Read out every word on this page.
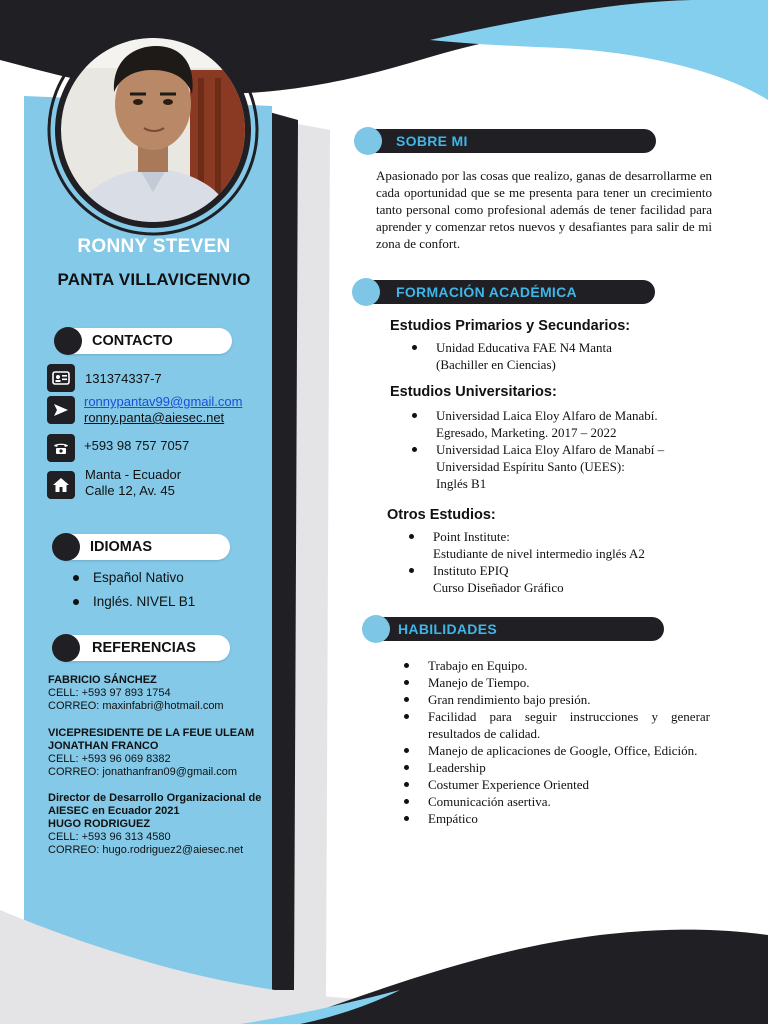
RONNY STEVEN
PANTA VILLAVICENVIO
CONTACTO
131374337-7
ronnypantav99@gmail.com
ronny.panta@aiesec.net
+593 98 757 7057
Manta - Ecuador
Calle 12, Av. 45
IDIOMAS
Español Nativo
Inglés. NIVEL B1
REFERENCIAS
FABRICIO SÁNCHEZ
CELL: +593 97 893 1754
CORREO: maxinfabri@hotmail.com
VICEPRESIDENTE DE LA FEUE ULEAM
JONATHAN FRANCO
CELL: +593 96 069 8382
CORREO: jonathanfran09@gmail.com
Director de Desarrollo Organizacional de
AIESEC en Ecuador 2021
HUGO RODRIGUEZ
CELL: +593 96 313 4580
CORREO: hugo.rodriguez2@aiesec.net
SOBRE MI
Apasionado por las cosas que realizo, ganas de desarrollarme en cada oportunidad que se me presenta para tener un crecimiento tanto personal como profesional además de tener facilidad para aprender y comenzar retos nuevos y desafiantes para salir de mi zona de confort.
FORMACIÓN ACADÉMICA
Estudios Primarios y Secundarios:
Unidad Educativa FAE N4 Manta
(Bachiller en Ciencias)
Estudios Universitarios:
Universidad Laica Eloy Alfaro de Manabí.
Egresado, Marketing. 2017 – 2022
Universidad Laica Eloy Alfaro de Manabí –
Universidad Espíritu Santo (UEES):
Inglés B1
Otros Estudios:
Point Institute:
Estudiante de nivel intermedio inglés A2
Instituto EPIQ
Curso Diseñador Gráfico
HABILIDADES
Trabajo en Equipo.
Manejo de Tiempo.
Gran rendimiento bajo presión.
Facilidad para seguir instrucciones y generar
resultados de calidad.
Manejo de aplicaciones de Google, Office, Edición.
Leadership
Costumer Experience Oriented
Comunicación asertiva.
Empático
